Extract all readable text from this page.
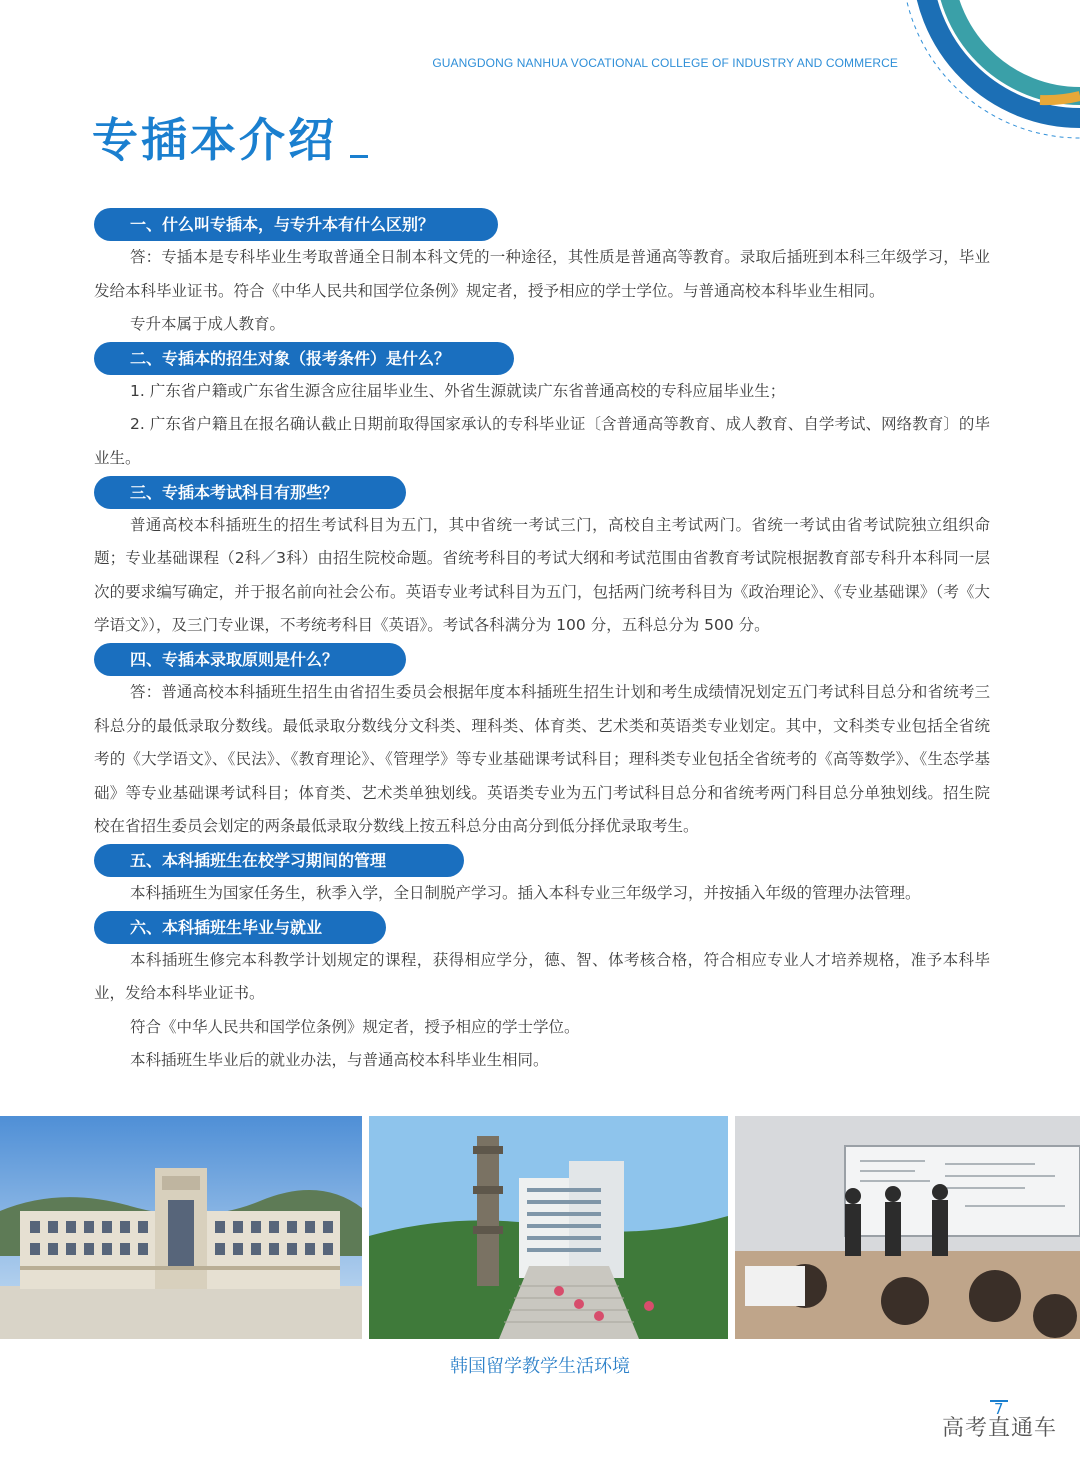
GUANGDONG NANHUA VOCATIONAL COLLEGE OF INDUSTRY AND COMMERCE
专插本介绍
一、什么叫专插本，与专升本有什么区别？

答：专插本是专科毕业生考取普通全日制本科文凭的一种途径，其性质是普通高等教育。录取后插班到本科三年级学习，毕业发给本科毕业证书。符合《中华人民共和国学位条例》规定者，授予相应的学士学位。与普通高校本科毕业生相同。

专升本属于成人教育。

二、专插本的招生对象（报考条件）是什么？

1. 广东省户籍或广东省生源含应往届毕业生、外省生源就读广东省普通高校的专科应届毕业生；

2. 广东省户籍且在报名确认截止日期前取得国家承认的专科毕业证〔含普通高等教育、成人教育、自学考试、网络教育〕的毕业生。

三、专插本考试科目有那些？

普通高校本科插班生的招生考试科目为五门，其中省统一考试三门，高校自主考试两门。省统一考试由省考试院独立组织命题；专业基础课程（2科／3科）由招生院校命题。省统考科目的考试大纲和考试范围由省教育考试院根据教育部专科升本科同一层次的要求编写确定，并于报名前向社会公布。英语专业考试科目为五门，包括两门统考科目为《政治理论》、《专业基础课》（考《大学语文》），及三门专业课，不考统考科目《英语》。考试各科满分为 100 分，五科总分为 500 分。

四、专插本录取原则是什么？

答：普通高校本科插班生招生由省招生委员会根据年度本科插班生招生计划和考生成绩情况划定五门考试科目总分和省统考三科总分的最低录取分数线。最低录取分数线分文科类、理科类、体育类、艺术类和英语类专业划定。其中，文科类专业包括全省统考的《大学语文》、《民法》、《教育理论》、《管理学》等专业基础课考试科目；理科类专业包括全省统考的《高等数学》、《生态学基础》等专业基础课考试科目；体育类、艺术类单独划线。英语类专业为五门考试科目总分和省统考两门科目总分单独划线。招生院校在省招生委员会划定的两条最低录取分数线上按五科总分由高分到低分择优录取考生。

五、本科插班生在校学习期间的管理

本科插班生为国家任务生，秋季入学，全日制脱产学习。插入本科专业三年级学习，并按插入年级的管理办法管理。

六、本科插班生毕业与就业

本科插班生修完本科教学计划规定的课程，获得相应学分，德、智、体考核合格，符合相应专业人才培养规格，准予本科毕业，发给本科毕业证书。

符合《中华人民共和国学位条例》规定者，授予相应的学士学位。

本科插班生毕业后的就业办法，与普通高校本科毕业生相同。

韩国留学教学生活环境
7
高考直通车
